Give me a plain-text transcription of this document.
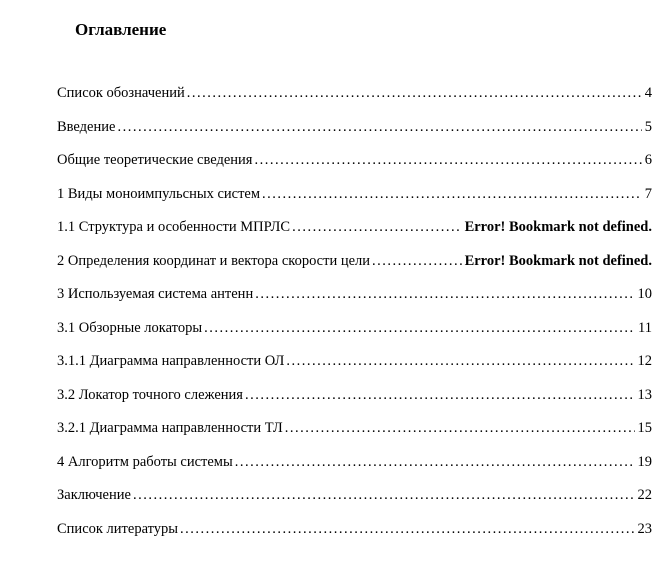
Оглавление
Список обозначений .....	4
Введение .....	5
Общие теоретические сведения .....	6
1 Виды моноимпульсных систем .....	7
1.1 Структура и особенности МПРЛС .....	Error! Bookmark not defined.
2 Определения координат и вектора скорости цели .....	Error! Bookmark not defined.
3 Используемая система антенн .....	10
3.1 Обзорные локаторы .....	11
3.1.1 Диаграмма направленности ОЛ .....	12
3.2 Локатор точного слежения .....	13
3.2.1 Диаграмма направленности ТЛ .....	15
4 Алгоритм работы системы .....	19
Заключение .....	22
Список литературы .....	23
